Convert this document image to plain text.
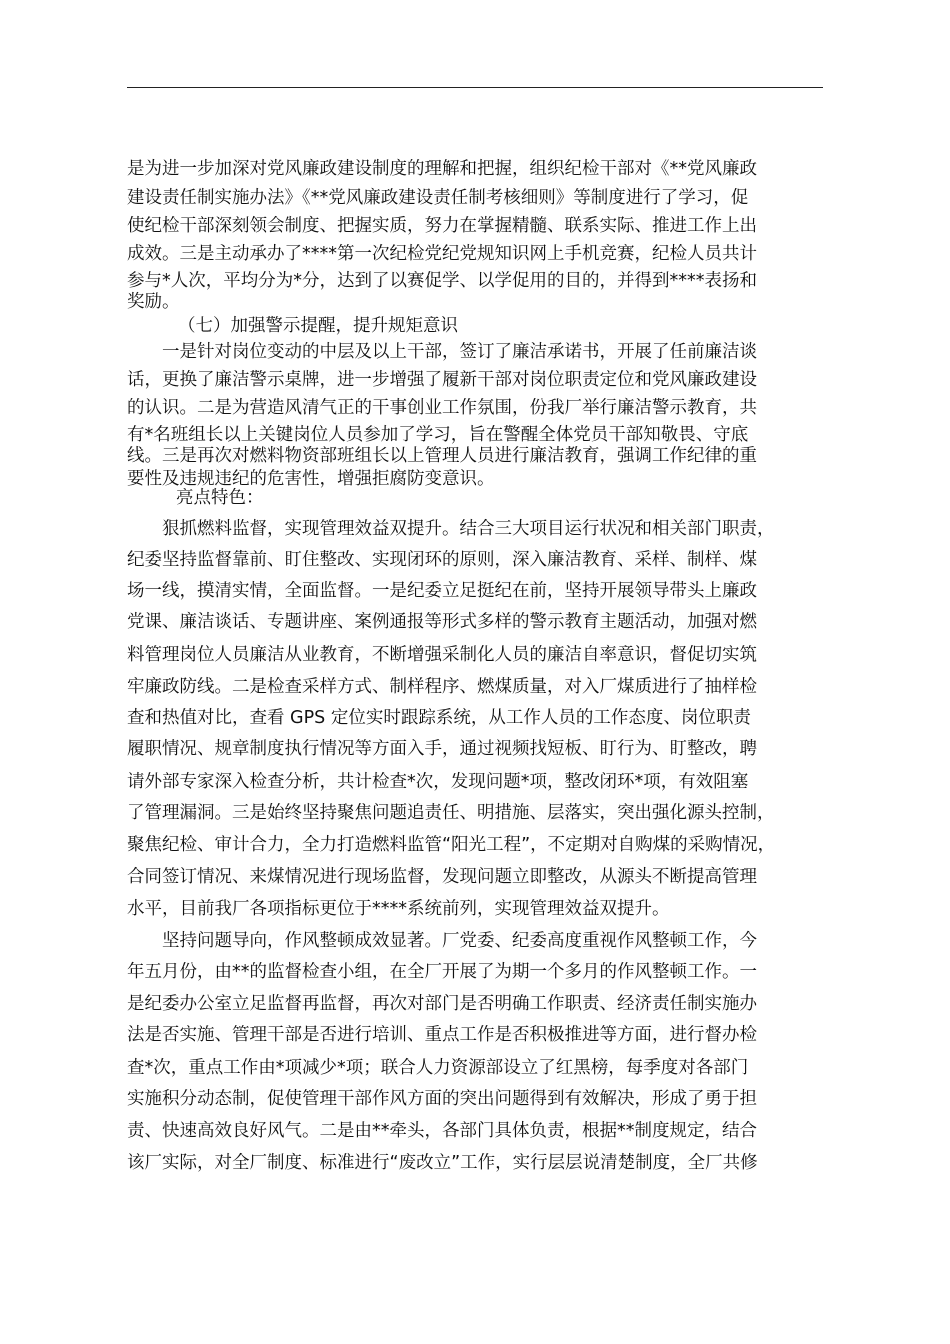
是为进一步加深对党风廉政建设制度的理解和把握，组织纪检干部对《**党风廉政
建设责任制实施办法》《**党风廉政建设责任制考核细则》等制度进行了学习，促
使纪检干部深刻领会制度、把握实质，努力在掌握精髓、联系实际、推进工作上出
成效。三是主动承办了****第一次纪检党纪党规知识网上手机竞赛，纪检人员共计
参与*人次，平均分为*分，达到了以赛促学、以学促用的目的，并得到****表扬和
奖励。
（七）加强警示提醒，提升规矩意识
一是针对岗位变动的中层及以上干部，签订了廉洁承诺书，开展了任前廉洁谈
话，更换了廉洁警示桌牌，进一步增强了履新干部对岗位职责定位和党风廉政建设
的认识。二是为营造风清气正的干事创业工作氛围，份我厂举行廉洁警示教育，共
有*名班组长以上关键岗位人员参加了学习，旨在警醒全体党员干部知敬畏、守底
线。三是再次对燃料物资部班组长以上管理人员进行廉洁教育，强调工作纪律的重
要性及违规违纪的危害性，增强拒腐防变意识。
亮点特色：
狠抓燃料监督，实现管理效益双提升。结合三大项目运行状况和相关部门职责，
纪委坚持监督靠前、盯住整改、实现闭环的原则，深入廉洁教育、采样、制样、煤
场一线，摸清实情，全面监督。一是纪委立足挺纪在前，坚持开展领导带头上廉政
党课、廉洁谈话、专题讲座、案例通报等形式多样的警示教育主题活动，加强对燃
料管理岗位人员廉洁从业教育，不断增强采制化人员的廉洁自率意识，督促切实筑
牢廉政防线。二是检查采样方式、制样程序、燃煤质量，对入厂煤质进行了抽样检
查和热值对比，查看 GPS 定位实时跟踪系统，从工作人员的工作态度、岗位职责
履职情况、规章制度执行情况等方面入手，通过视频找短板、盯行为、盯整改，聘
请外部专家深入检查分析，共计检查*次，发现问题*项，整改闭环*项，有效阻塞
了管理漏洞。三是始终坚持聚焦问题追责任、明措施、层落实，突出强化源头控制，
聚焦纪检、审计合力，全力打造燃料监管“阳光工程”，不定期对自购煤的采购情况，
合同签订情况、来煤情况进行现场监督，发现问题立即整改，从源头不断提高管理
水平，目前我厂各项指标更位于****系统前列，实现管理效益双提升。
坚持问题导向，作风整顿成效显著。厂党委、纪委高度重视作风整顿工作，今
年五月份，由**的监督检查小组，在全厂开展了为期一个多月的作风整顿工作。一
是纪委办公室立足监督再监督，再次对部门是否明确工作职责、经济责任制实施办
法是否实施、管理干部是否进行培训、重点工作是否积极推进等方面，进行督办检
查*次，重点工作由*项减少*项；联合人力资源部设立了红黑榜，每季度对各部门
实施积分动态制，促使管理干部作风方面的突出问题得到有效解决，形成了勇于担
责、快速高效良好风气。二是由**牵头，各部门具体负责，根据**制度规定，结合
该厂实际，对全厂制度、标准进行“废改立”工作，实行层层说清楚制度，全厂共修
